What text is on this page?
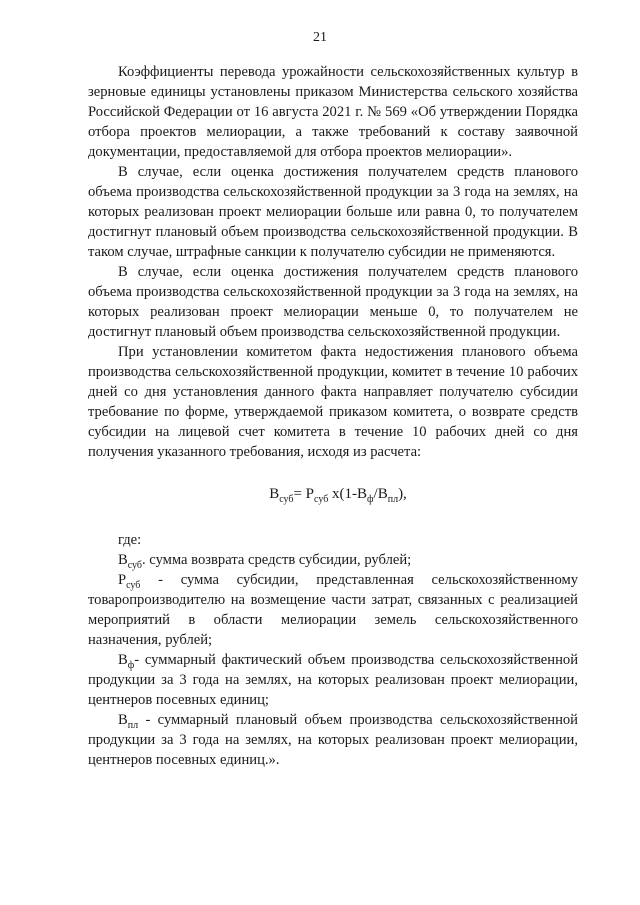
21

Коэффициенты перевода урожайности сельскохозяйственных культур в зерновые единицы установлены приказом Министерства сельского хозяйства Российской Федерации от 16 августа 2021 г. № 569 «Об утверждении Порядка отбора проектов мелиорации, а также требований к составу заявочной документации, предоставляемой для отбора проектов мелиорации».

В случае, если оценка достижения получателем средств планового объема производства сельскохозяйственной продукции за 3 года на землях, на которых реализован проект мелиорации больше или равна 0, то получателем достигнут плановый объем производства сельскохозяйственной продукции. В таком случае, штрафные санкции к получателю субсидии не применяются.

В случае, если оценка достижения получателем средств планового объема производства сельскохозяйственной продукции за 3 года на землях, на которых реализован проект мелиорации меньше 0, то получателем не достигнут плановый объем производства сельскохозяйственной продукции.

При установлении комитетом факта недостижения планового объема производства сельскохозяйственной продукции, комитет в течение 10 рабочих дней со дня установления данного факта направляет получателю субсидии требование по форме, утверждаемой приказом комитета, о возврате средств субсидии на лицевой счет комитета в течение 10 рабочих дней со дня получения указанного требования, исходя из расчета:

$В_{суб}= Р_{суб}$ $х(1-В_ф/В_{пл})$,

где:

$В_{суб}$. сумма возврата средств субсидии, рублей;

$Р_{суб}$ - сумма субсидии, представленная сельскохозяйственному товаропроизводителю на возмещение части затрат, связанных с реализацией мероприятий в области мелиорации земель сельскохозяйственного назначения, рублей;

$В_ф-$ суммарный фактический объем производства сельскохозяйственной продукции за 3 года на землях, на которых реализован проект мелиорации, центнеров посевных единиц;

$В_{пл}$ - суммарный плановый объем производства сельскохозяйственной продукции за 3 года на землях, на которых реализован проект мелиорации, центнеров посевных единиц.».
